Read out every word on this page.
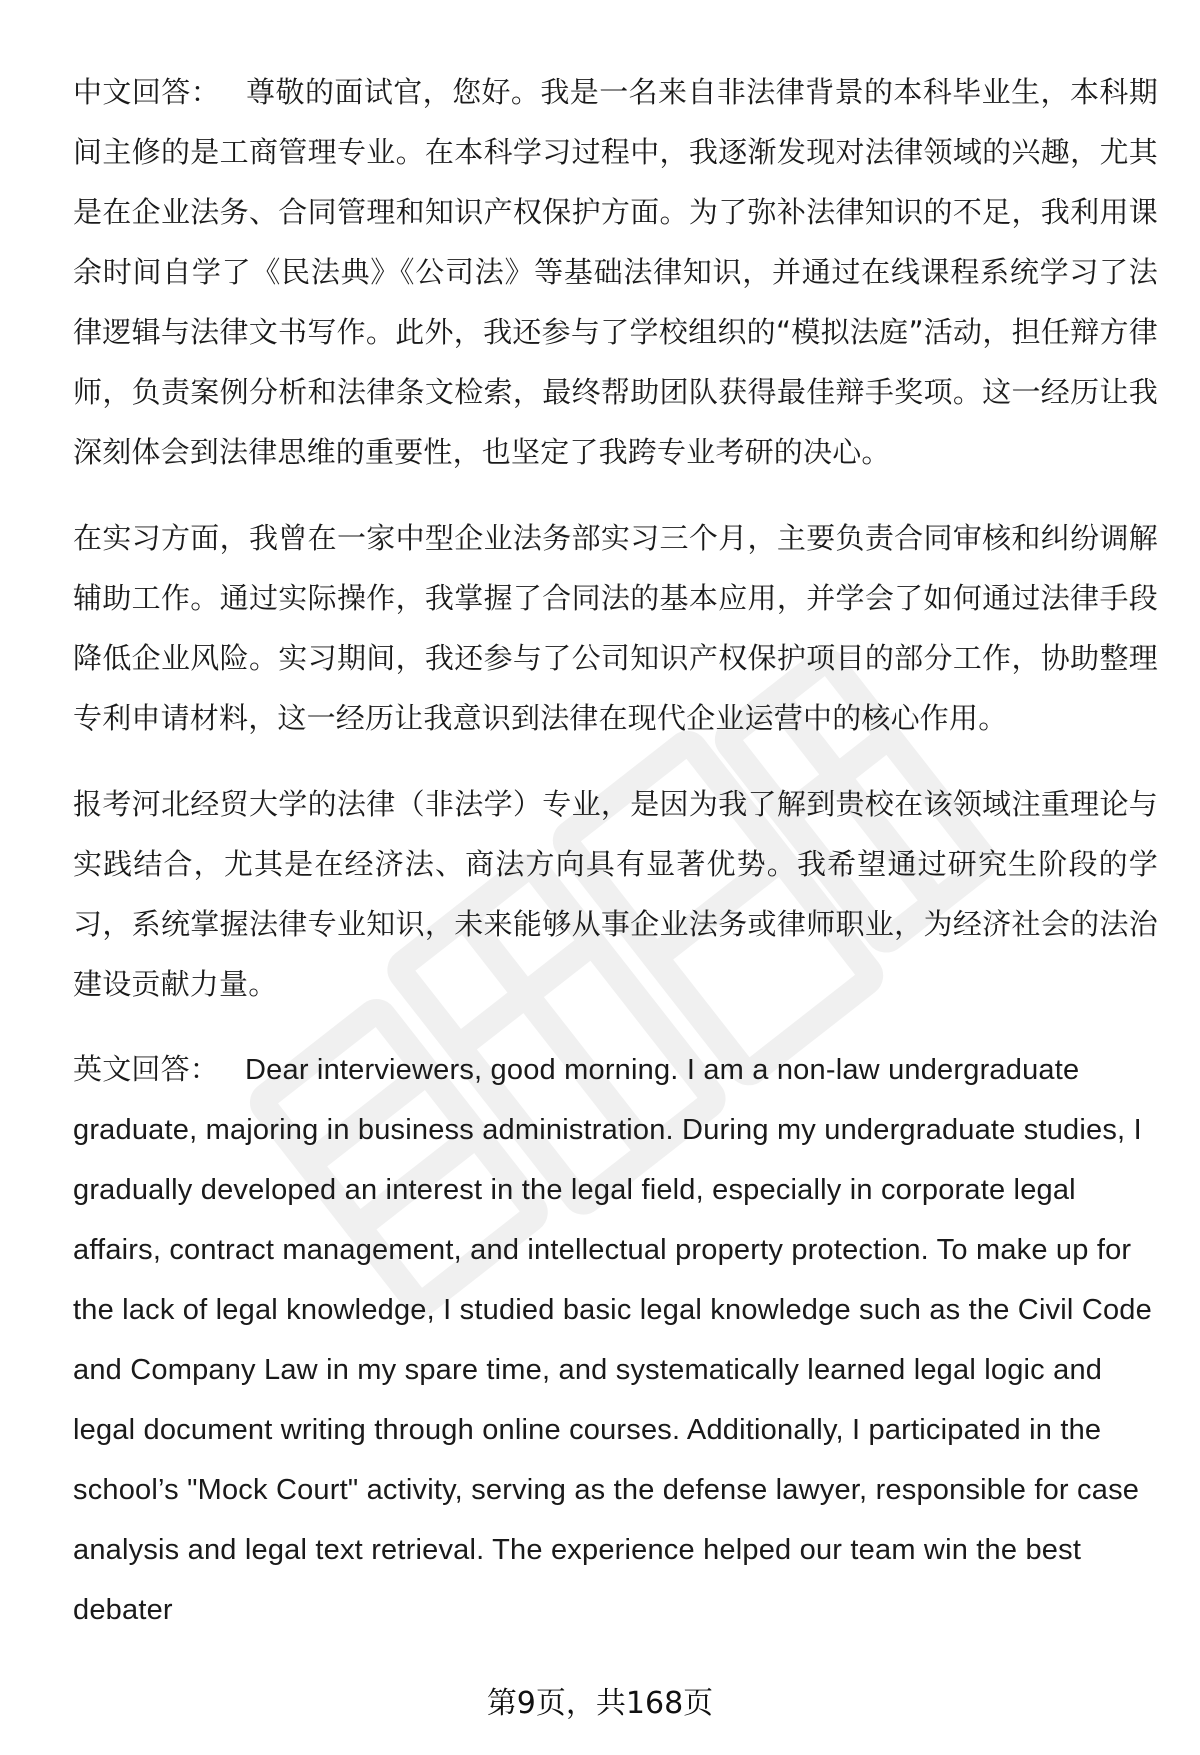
中文回答： 尊敬的面试官，您好。我是一名来自非法律背景的本科毕业生，本科期间主修的是工商管理专业。在本科学习过程中，我逐渐发现对法律领域的兴趣，尤其是在企业法务、合同管理和知识产权保护方面。为了弥补法律知识的不足，我利用课余时间自学了《民法典》《公司法》等基础法律知识，并通过在线课程系统学习了法律逻辑与法律文书写作。此外，我还参与了学校组织的“模拟法庭”活动，担任辩方律师，负责案例分析和法律条文检索，最终帮助团队获得最佳辩手奖项。这一经历让我深刻体会到法律思维的重要性，也坚定了我跨专业考研的决心。

在实习方面，我曾在一家中型企业法务部实习三个月，主要负责合同审核和纠纷调解辅助工作。通过实际操作，我掌握了合同法的基本应用，并学会了如何通过法律手段降低企业风险。实习期间，我还参与了公司知识产权保护项目的部分工作，协助整理专利申请材料，这一经历让我意识到法律在现代企业运营中的核心作用。

报考河北经贸大学的法律（非法学）专业，是因为我了解到贵校在该领域注重理论与实践结合，尤其是在经济法、商法方向具有显著优势。我希望通过研究生阶段的学习，系统掌握法律专业知识，未来能够从事企业法务或律师职业，为经济社会的法治建设贡献力量。

英文回答： Dear interviewers, good morning. I am a non-law undergraduate graduate, majoring in business administration. During my undergraduate studies, I gradually developed an interest in the legal field, especially in corporate legal affairs, contract management, and intellectual property protection. To make up for the lack of legal knowledge, I studied basic legal knowledge such as the Civil Code and Company Law in my spare time, and systematically learned legal logic and legal document writing through online courses. Additionally, I participated in the school’s "Mock Court" activity, serving as the defense lawyer, responsible for case analysis and legal text retrieval. The experience helped our team win the best debater

第9页，共168页
